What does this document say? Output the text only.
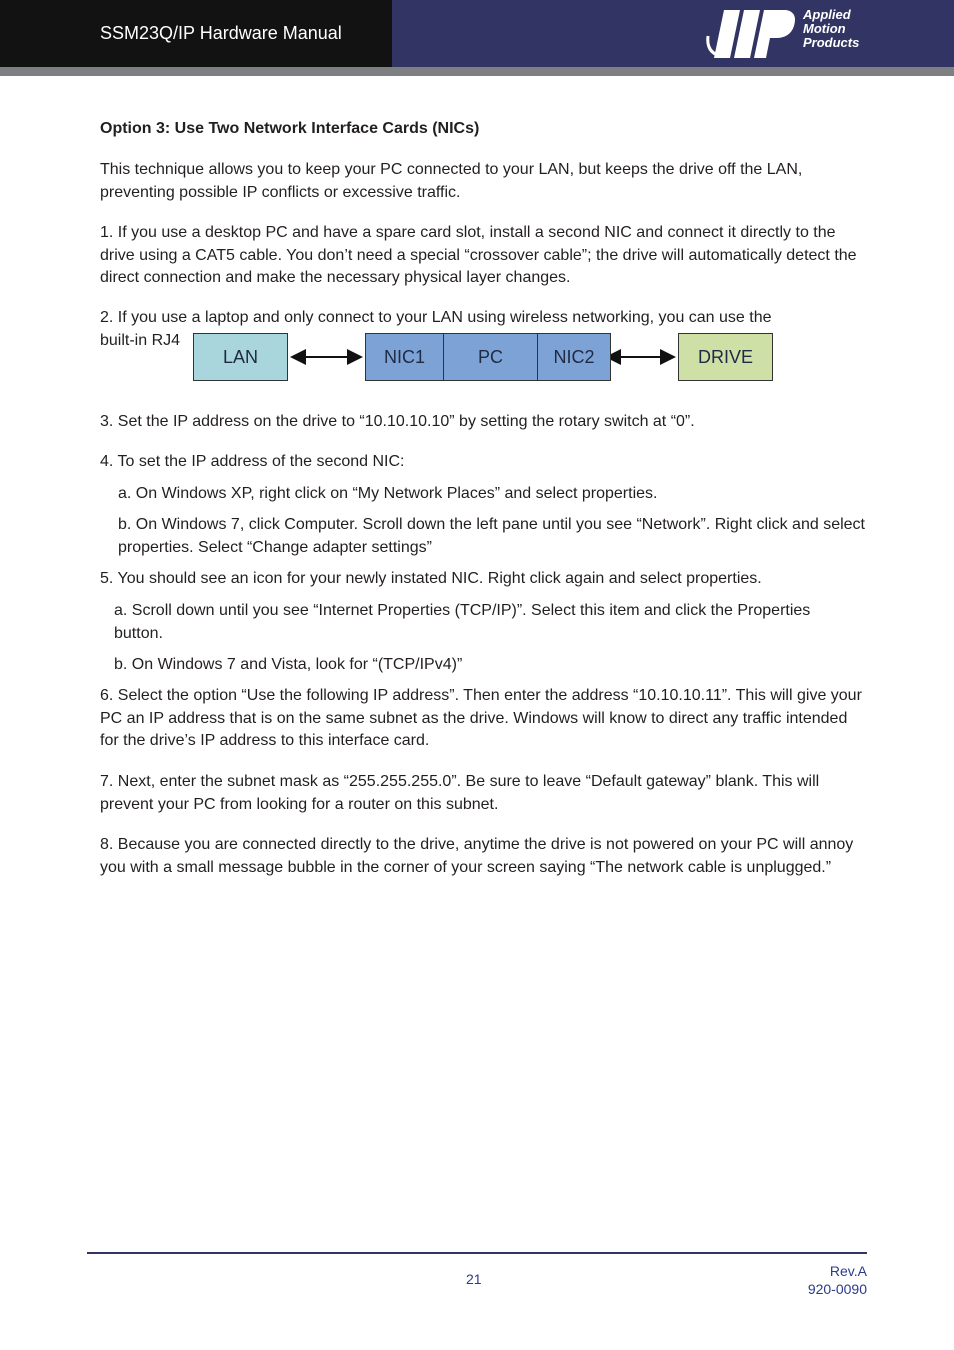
SSM23Q/IP Hardware Manual
Applied
Motion
Products

Option 3: Use Two Network Interface Cards (NICs)

This technique allows you to keep your PC connected to your LAN, but keeps the drive off the LAN, preventing possible IP conflicts or excessive traffic.

1. If you use a desktop PC and have a spare card slot, install a second NIC and connect it directly to the drive using a CAT5 cable. You don’t need a special “crossover cable”; the drive will automatically detect the direct connection and make the necessary physical layer changes.

2. If you use a laptop and only connect to your LAN using wireless networking, you can use the

built-in RJ4

3. Set the IP address on the drive to “10.10.10.10” by setting the rotary switch at “0”.

4. To set the IP address of the second NIC:

a. On Windows XP, right click on “My Network Places” and select properties.

b. On Windows 7, click Computer. Scroll down the left pane until you see “Network”. Right click and select properties. Select “Change adapter settings”

5. You should see an icon for your newly instated NIC. Right click again and select properties.

a. Scroll down until you see “Internet Properties (TCP/IP)”. Select this item and click the Properties button.

b. On Windows 7 and Vista, look for “(TCP/IPv4)”

6. Select the option “Use the following IP address”. Then enter the address “10.10.10.11”. This will give your PC an IP address that is on the same subnet as the drive. Windows will know to direct any traffic intended for the drive’s IP address to this interface card.

7. Next, enter the subnet mask as “255.255.255.0”. Be sure to leave “Default gateway” blank. This will prevent your PC from looking for a router on this subnet.

8. Because you are connected directly to the drive, anytime the drive is not powered on your PC will annoy you with a small message bubble in the corner of your screen saying “The network cable is unplugged.”

LAN	NIC1	PC	NIC2	DRIVE
21	Rev.A
920-0090
